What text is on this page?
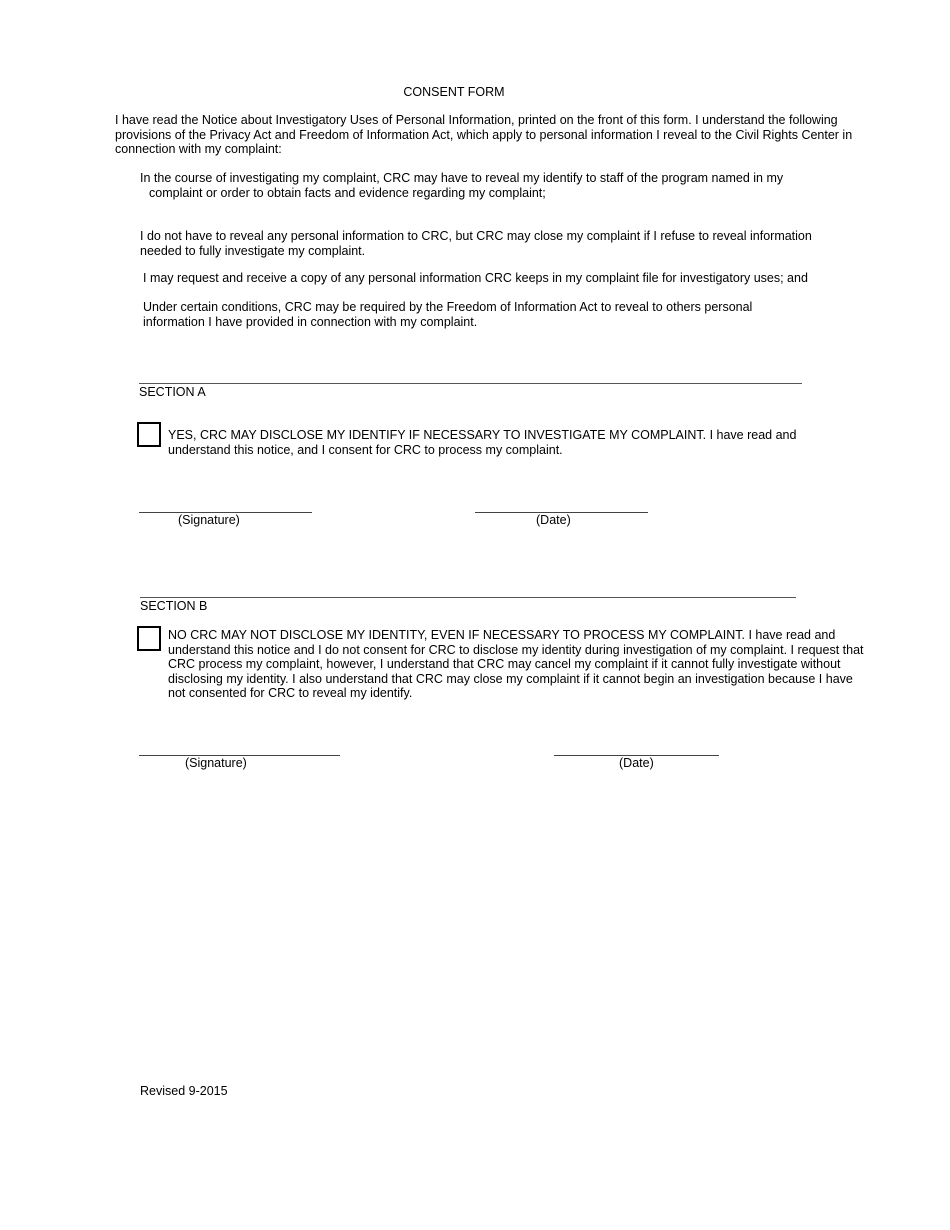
CONSENT FORM

I have read the Notice about Investigatory Uses of Personal Information, printed on the front of this form. I understand the following provisions of the Privacy Act and Freedom of Information Act, which apply to personal information I reveal to the Civil Rights Center in connection with my complaint:

In the course of investigating my complaint, CRC may have to reveal my identify to staff of the program named in my
complaint or order to obtain facts and evidence regarding my complaint;

I do not have to reveal any personal information to CRC, but CRC may close my complaint if I refuse to reveal information needed to fully investigate my complaint.

I may request and receive a copy of any personal information CRC keeps in my complaint file for investigatory uses; and

Under certain conditions, CRC may be required by the Freedom of Information Act to reveal to others personal information I have provided in connection with my complaint.

SECTION A

YES, CRC MAY DISCLOSE MY IDENTIFY IF NECESSARY TO INVESTIGATE MY COMPLAINT. I have read and understand this notice, and I consent for CRC to process my complaint.

(Signature)	(Date)
SECTION B

NO CRC MAY NOT DISCLOSE MY IDENTITY, EVEN IF NECESSARY TO PROCESS MY COMPLAINT. I have read and understand this notice and I do not consent for CRC to disclose my identity during investigation of my complaint. I request that CRC process my complaint, however, I understand that CRC may cancel my complaint if it cannot fully investigate without disclosing my identity. I also understand that CRC may close my complaint if it cannot begin an investigation because I have not consented for CRC to reveal my identify.

(Signature)	(Date)
Revised 9-2015
